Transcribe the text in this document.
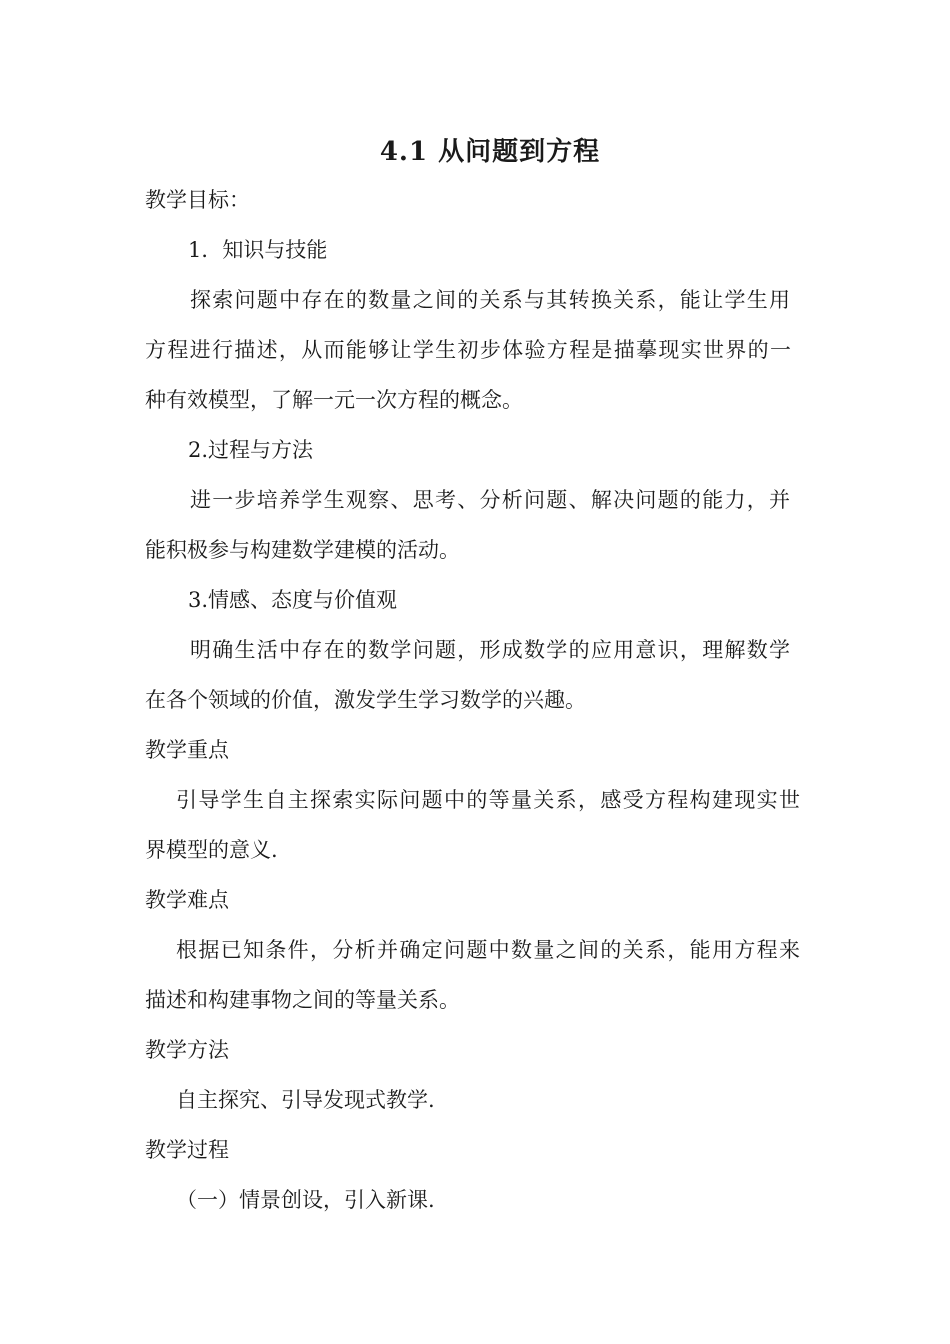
4.1 从问题到方程
教学目标：
1．知识与技能
探索问题中存在的数量之间的关系与其转换关系，能让学生用
方程进行描述，从而能够让学生初步体验方程是描摹现实世界的一
种有效模型，了解一元一次方程的概念。
2.过程与方法
进一步培养学生观察、思考、分析问题、解决问题的能力，并
能积极参与构建数学建模的活动。
3.情感、态度与价值观
明确生活中存在的数学问题，形成数学的应用意识，理解数学
在各个领域的价值，激发学生学习数学的兴趣。
教学重点
引导学生自主探索实际问题中的等量关系，感受方程构建现实世
界模型的意义.
教学难点
根据已知条件，分析并确定问题中数量之间的关系，能用方程来
描述和构建事物之间的等量关系。
教学方法
自主探究、引导发现式教学.
教学过程
（一）情景创设，引入新课.
